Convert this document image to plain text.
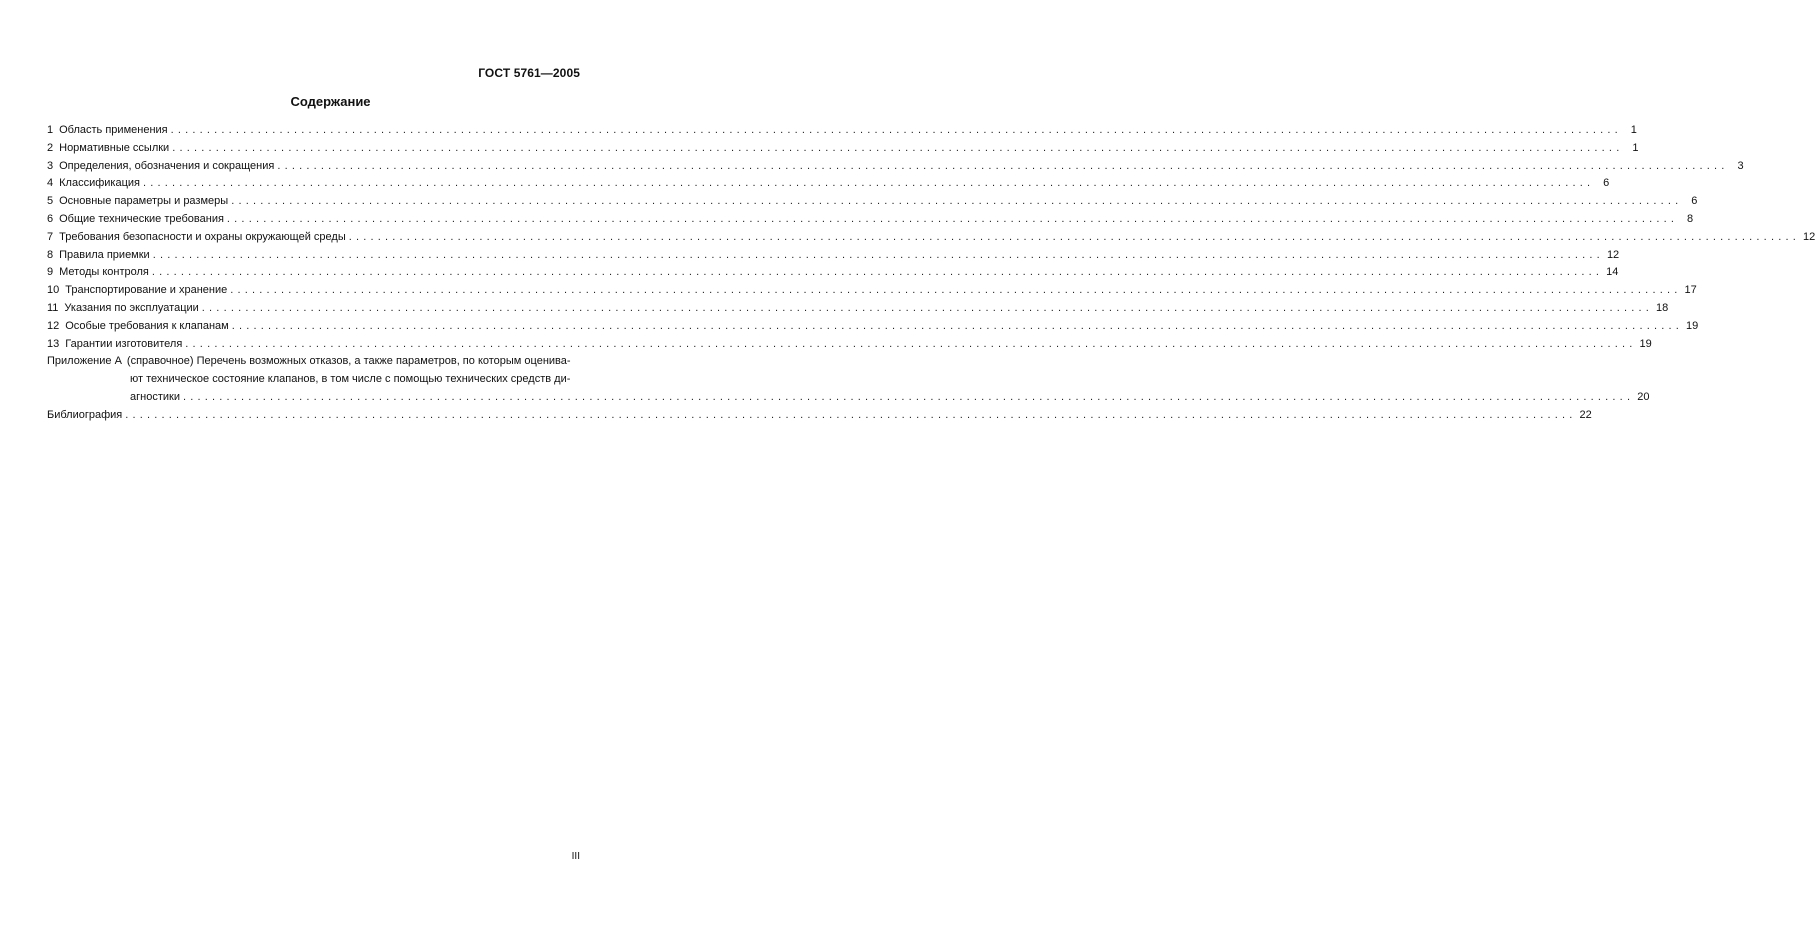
ГОСТ 5761—2005
Содержание
1 Область применения ........................................................................................................................................................................................................ 1
2 Нормативные ссылки ........................................................................................................................................................................................................ 1
3 Определения, обозначения и сокращения ........................................................................................................................................................................................................ 3
4 Классификация ........................................................................................................................................................................................................ 6
5 Основные параметры и размеры ........................................................................................................................................................................................................ 6
6 Общие технические требования ........................................................................................................................................................................................................ 8
7 Требования безопасности и охраны окружающей среды ........................................................................................................................................................................................................ 12
8 Правила приемки ........................................................................................................................................................................................................ 12
9 Методы контроля ........................................................................................................................................................................................................ 14
10 Транспортирование и хранение ........................................................................................................................................................................................................ 17
11 Указания по эксплуатации ........................................................................................................................................................................................................ 18
12 Особые требования к клапанам ........................................................................................................................................................................................................ 19
13 Гарантии изготовителя ........................................................................................................................................................................................................ 19
Приложение А (справочное) Перечень возможных отказов, а также параметров, по которым оценива-
ют техническое состояние клапанов, в том числе с помощью технических средств ди-
агностики ........................................................................................................................................................................................................ 20
Библиография ........................................................................................................................................................................................................ 22
III
